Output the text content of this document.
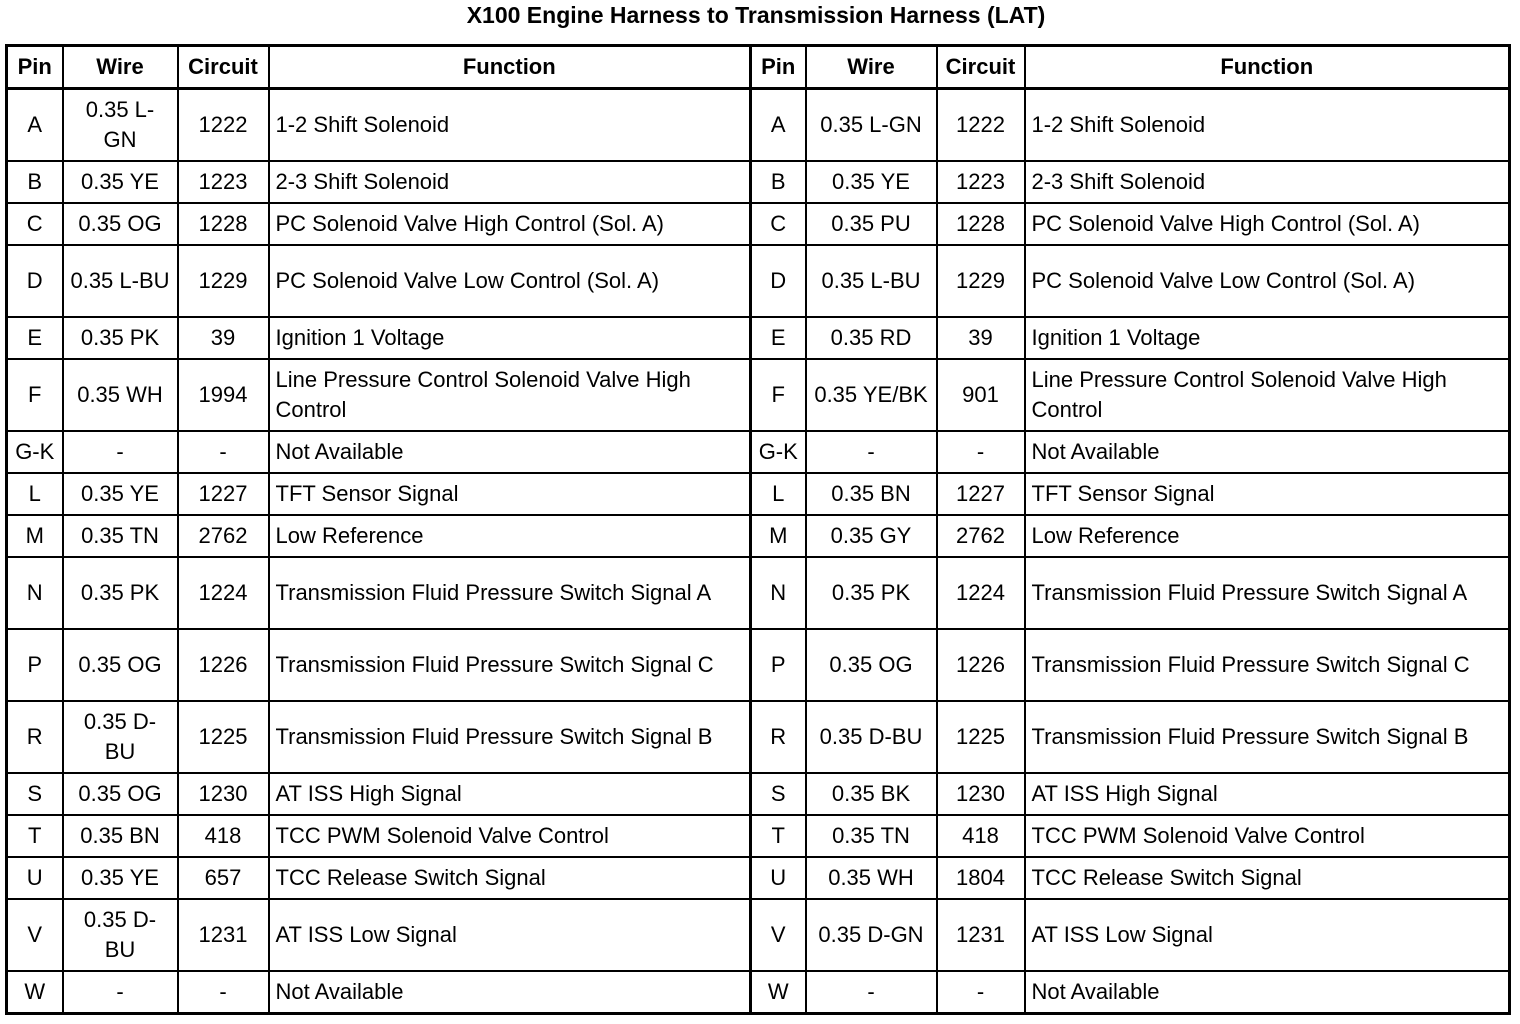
X100 Engine Harness to Transmission Harness (LAT)
Pin	Wire	Circuit	Function	Pin	Wire	Circuit	Function
A	0.35 L-GN	1222	1-2 Shift Solenoid	A	0.35 L-GN	1222	1-2 Shift Solenoid
B	0.35 YE	1223	2-3 Shift Solenoid	B	0.35 YE	1223	2-3 Shift Solenoid
C	0.35 OG	1228	PC Solenoid Valve High Control (Sol. A)	C	0.35 PU	1228	PC Solenoid Valve High Control (Sol. A)
D	0.35 L-BU	1229	PC Solenoid Valve Low Control (Sol. A)	D	0.35 L-BU	1229	PC Solenoid Valve Low Control (Sol. A)
E	0.35 PK	39	Ignition 1 Voltage	E	0.35 RD	39	Ignition 1 Voltage
F	0.35 WH	1994	Line Pressure Control Solenoid Valve High Control	F	0.35 YE/BK	901	Line Pressure Control Solenoid Valve High Control
G-K	-	-	Not Available	G-K	-	-	Not Available
L	0.35 YE	1227	TFT Sensor Signal	L	0.35 BN	1227	TFT Sensor Signal
M	0.35 TN	2762	Low Reference	M	0.35 GY	2762	Low Reference
N	0.35 PK	1224	Transmission Fluid Pressure Switch Signal A	N	0.35 PK	1224	Transmission Fluid Pressure Switch Signal A
P	0.35 OG	1226	Transmission Fluid Pressure Switch Signal C	P	0.35 OG	1226	Transmission Fluid Pressure Switch Signal C
R	0.35 D-BU	1225	Transmission Fluid Pressure Switch Signal B	R	0.35 D-BU	1225	Transmission Fluid Pressure Switch Signal B
S	0.35 OG	1230	AT ISS High Signal	S	0.35 BK	1230	AT ISS High Signal
T	0.35 BN	418	TCC PWM Solenoid Valve Control	T	0.35 TN	418	TCC PWM Solenoid Valve Control
U	0.35 YE	657	TCC Release Switch Signal	U	0.35 WH	1804	TCC Release Switch Signal
V	0.35 D-BU	1231	AT ISS Low Signal	V	0.35 D-GN	1231	AT ISS Low Signal
W	-	-	Not Available	W	-	-	Not Available
